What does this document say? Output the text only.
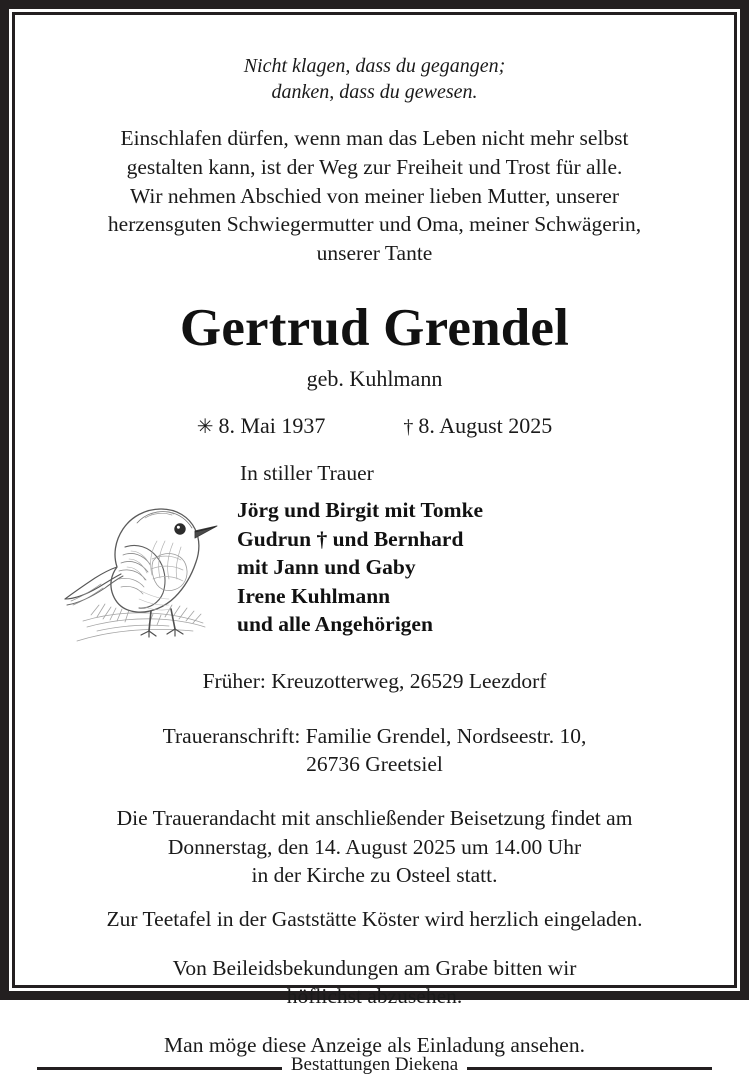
Nicht klagen, dass du gegangen;
danken, dass du gewesen.
Einschlafen dürfen, wenn man das Leben nicht mehr selbst
gestalten kann, ist der Weg zur Freiheit und Trost für alle.
Wir nehmen Abschied von meiner lieben Mutter, unserer
herzensguten Schwiegermutter und Oma, meiner Schwägerin,
unserer Tante
Gertrud Grendel
geb. Kuhlmann
✳ 8. Mai 1937	† 8. August 2025
In stiller Trauer
Jörg und Birgit mit Tomke
Gudrun † und Bernhard
mit Jann und Gaby
Irene Kuhlmann
und alle Angehörigen
Früher: Kreuzotterweg, 26529 Leezdorf
Traueranschrift: Familie Grendel, Nordseestr. 10,
26736 Greetsiel
Die Trauerandacht mit anschließender Beisetzung findet am
Donnerstag, den 14. August 2025 um 14.00 Uhr
in der Kirche zu Osteel statt.
Zur Teetafel in der Gaststätte Köster wird herzlich eingeladen.
Von Beileidsbekundungen am Grabe bitten wir
höflichst abzusehen.
Man möge diese Anzeige als Einladung ansehen.
Bestattungen Diekena
